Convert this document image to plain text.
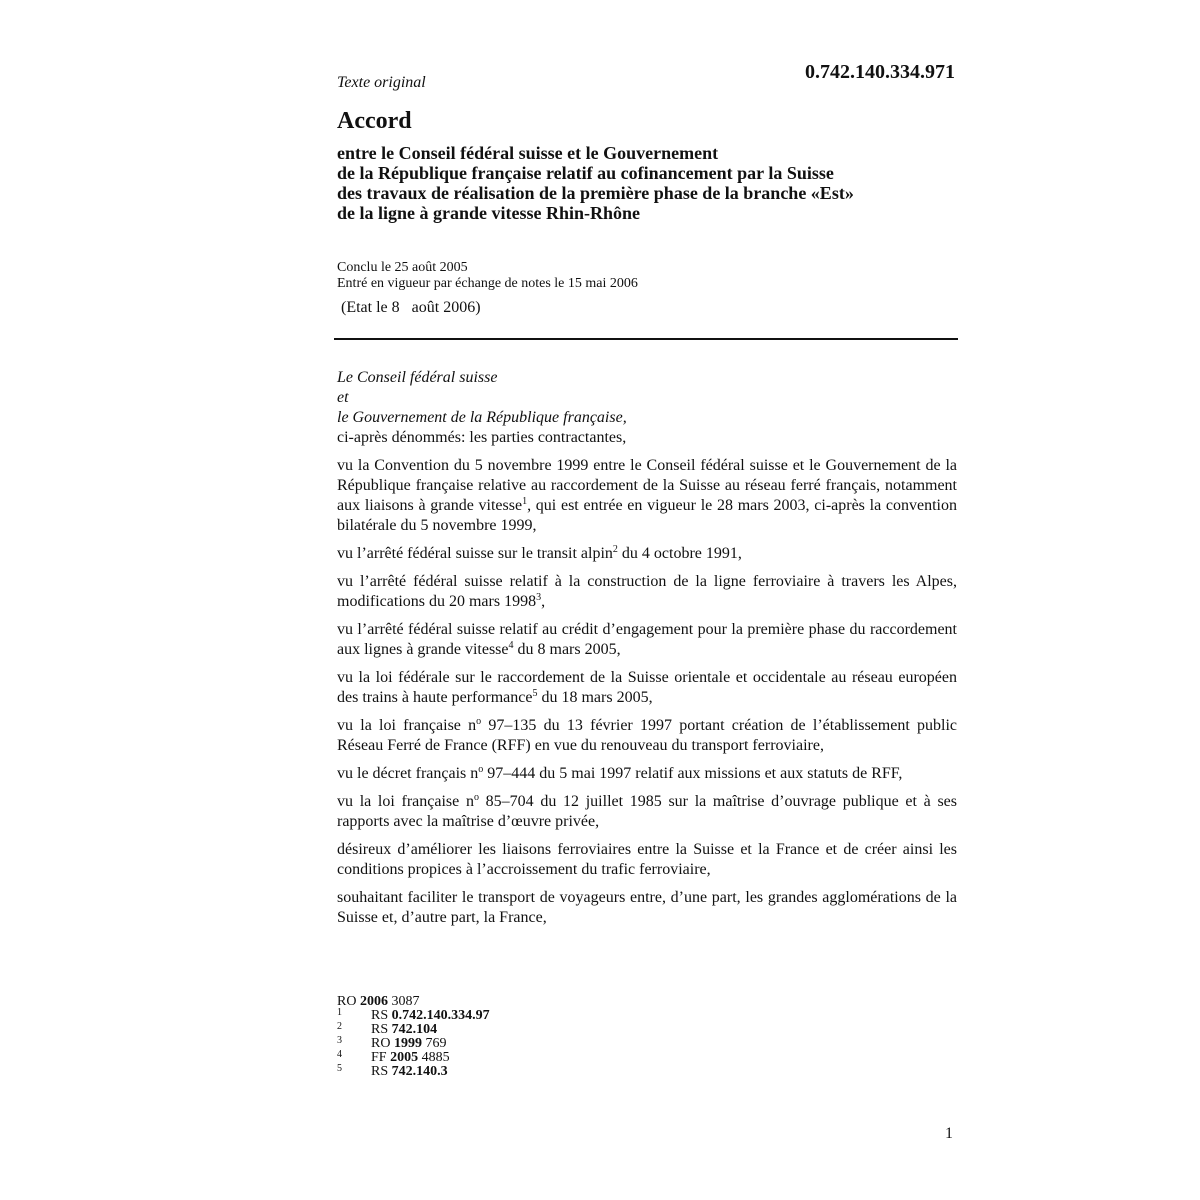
Texte original	0.742.140.334.971
Accord
entre le Conseil fédéral suisse et le Gouvernement
de la République française relatif au cofinancement par la Suisse
des travaux de réalisation de la première phase de la branche «Est»
de la ligne à grande vitesse Rhin-Rhône
Conclu le 25 août 2005
Entré en vigueur par échange de notes le 15 mai 2006
(Etat le 8   août 2006)

Le Conseil fédéral suisse

et

le Gouvernement de la République française,

ci-après dénommés: les parties contractantes,

vu la Convention du 5 novembre 1999 entre le Conseil fédéral suisse et le Gouvernement de la République française relative au raccordement de la Suisse au réseau ferré français, notamment aux liaisons à grande vitesse$^1$, qui est entrée en vigueur le 28 mars 2003, ci-après la convention bilatérale du 5 novembre 1999,

vu l’arrêté fédéral suisse sur le transit alpin$^2$ du 4 octobre 1991,

vu l’arrêté fédéral suisse relatif à la construction de la ligne ferroviaire à travers les Alpes, modifications du 20 mars 1998$^3$,

vu l’arrêté fédéral suisse relatif au crédit d’engagement pour la première phase du raccordement aux lignes à grande vitesse$^4$ du 8 mars 2005,

vu la loi fédérale sur le raccordement de la Suisse orientale et occidentale au réseau européen des trains à haute performance$^5$ du 18 mars 2005,

vu la loi française $n^o$ 97–135 du 13 février 1997 portant création de l’établissement public Réseau Ferré de France (RFF) en vue du renouveau du transport ferroviaire,

vu le décret français $n^o$ 97–444 du 5 mai 1997 relatif aux missions et aux statuts de RFF,

vu la loi française $n^o$ 85–704 du 12 juillet 1985 sur la maîtrise d’ouvrage publique et à ses rapports avec la maîtrise d’œuvre privée,

désireux d’améliorer les liaisons ferroviaires entre la Suisse et la France et de créer ainsi les conditions propices à l’accroissement du trafic ferroviaire,

souhaitant faciliter le transport de voyageurs entre, d’une part, les grandes agglomérations de la Suisse et, d’autre part, la France,

RO 2006 3087
1 RS 0.742.140.334.97
2 RS 742.104
3 RO 1999 769
4 FF 2005 4885
5 RS 742.140.3
1
